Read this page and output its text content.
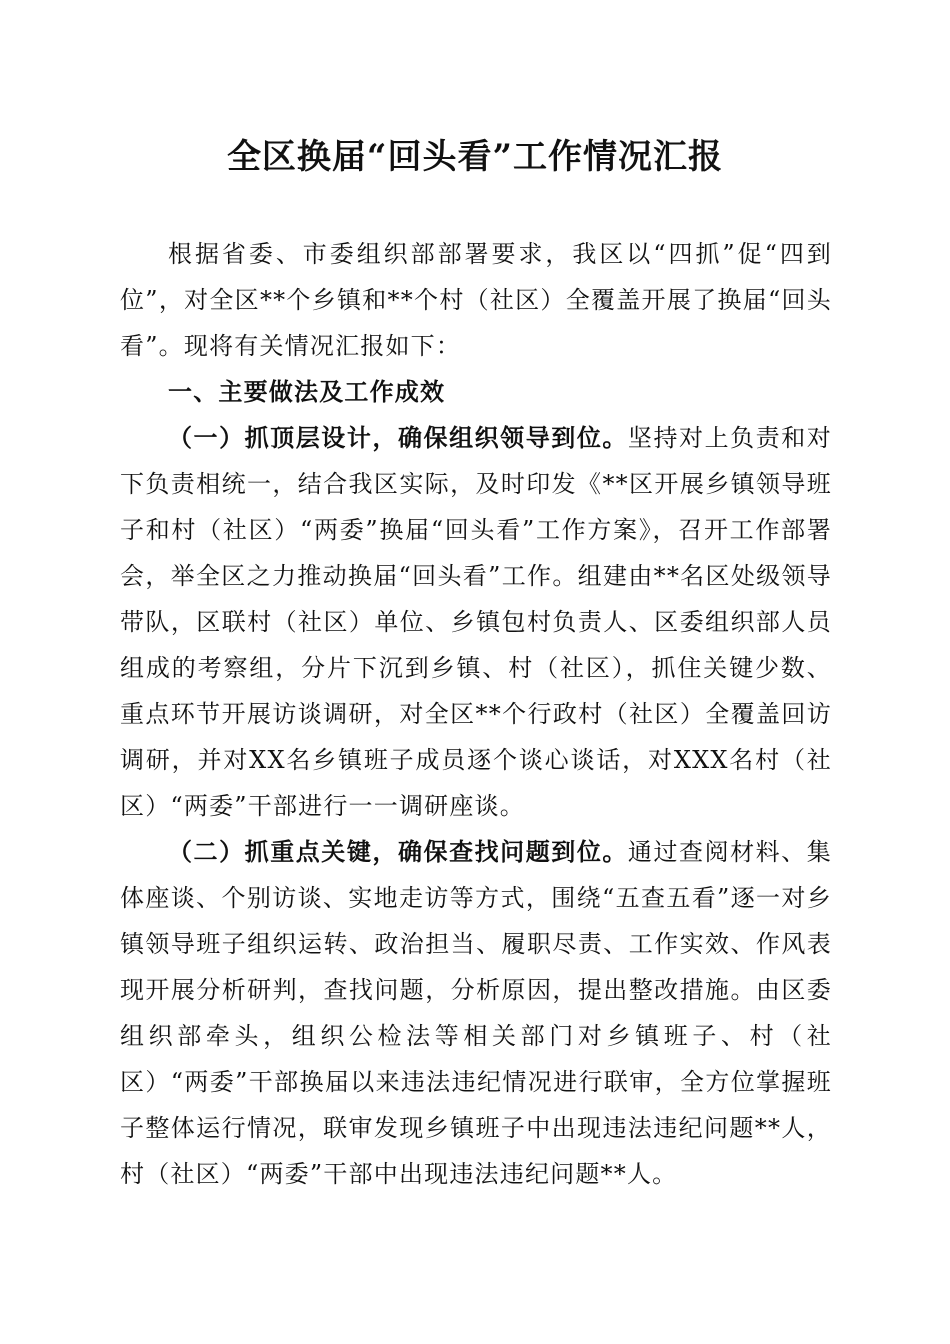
全区换届“回头看”工作情况汇报

根据省委、市委组织部部署要求，我区以“四抓”促“四到位”，对全区**个乡镇和**个村（社区）全覆盖开展了换届“回头看”。现将有关情况汇报如下：

一、主要做法及工作成效

（一）抓顶层设计，确保组织领导到位。坚持对上负责和对下负责相统一，结合我区实际，及时印发《**区开展乡镇领导班子和村（社区）“两委”换届“回头看”工作方案》，召开工作部署会，举全区之力推动换届“回头看”工作。组建由**名区处级领导带队，区联村（社区）单位、乡镇包村负责人、区委组织部人员组成的考察组，分片下沉到乡镇、村（社区），抓住关键少数、重点环节开展访谈调研，对全区**个行政村（社区）全覆盖回访调研，并对XX名乡镇班子成员逐个谈心谈话，对XXX名村（社区）“两委”干部进行一一调研座谈。

（二）抓重点关键，确保查找问题到位。通过查阅材料、集体座谈、个别访谈、实地走访等方式，围绕“五查五看”逐一对乡镇领导班子组织运转、政治担当、履职尽责、工作实效、作风表现开展分析研判，查找问题，分析原因，提出整改措施。由区委组织部牵头，组织公检法等相关部门对乡镇班子、村（社区）“两委”干部换届以来违法违纪情况进行联审，全方位掌握班子整体运行情况，联审发现乡镇班子中出现违法违纪问题**人，村（社区）“两委”干部中出现违法违纪问题**人。
